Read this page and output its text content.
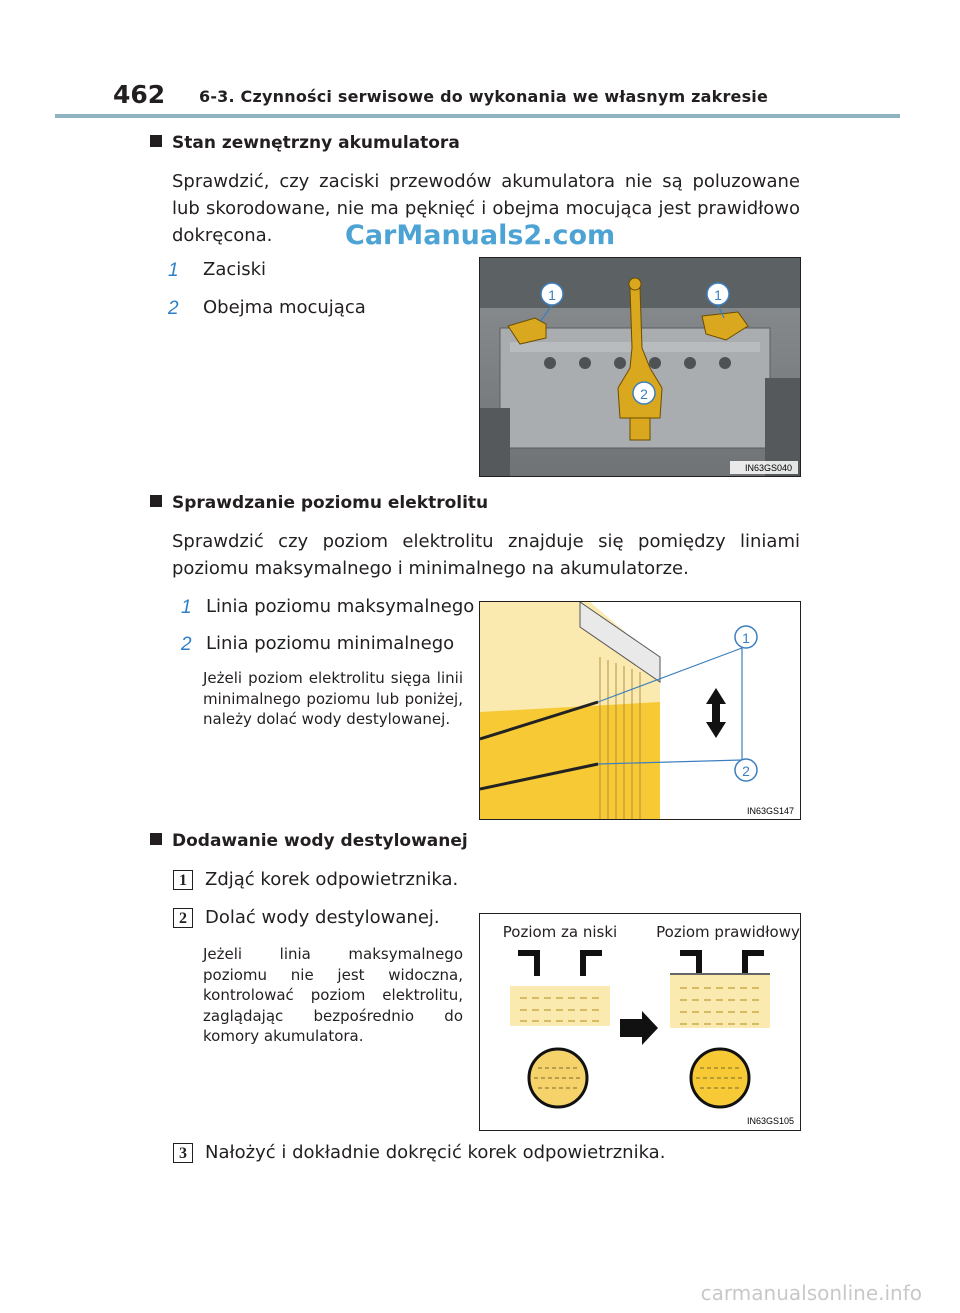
462 6-3. Czynności serwisowe do wykonania we własnym zakresie
Stan zewnętrzny akumulatora
Sprawdzić, czy zaciski przewodów akumulatora nie są poluzowane lub skorodowane, nie ma pęknięć i obejma mocująca jest prawidłowo dokręcona.	CarManuals2.com
1 Zaciski
2 Obejma mocująca
1	1
2
IN63GS040
Sprawdzanie poziomu elektrolitu
Sprawdzić czy poziom elektrolitu znajduje się pomiędzy liniami poziomu maksymalnego i minimalnego na akumulatorze.
1 Linia poziomu maksymalnego
2 Linia poziomu minimalnego
Jeżeli poziom elektrolitu sięga linii minimalnego poziomu lub poniżej, należy dolać wody destylowanej.
1
2
IN63GS147
Dodawanie wody destylowanej
1	Zdjąć korek odpowietrznika.
2	Dolać wody destylowanej.
Jeżeli linia maksymalnego poziomu nie jest widoczna, kontrolować poziom elektrolitu, zaglądając bezpośrednio do komory akumulatora.
Poziom za niski	Poziom prawidłowy
IN63GS105
3	Nałożyć i dokładnie dokręcić korek odpowietrznika.
carmanualsonline.info
